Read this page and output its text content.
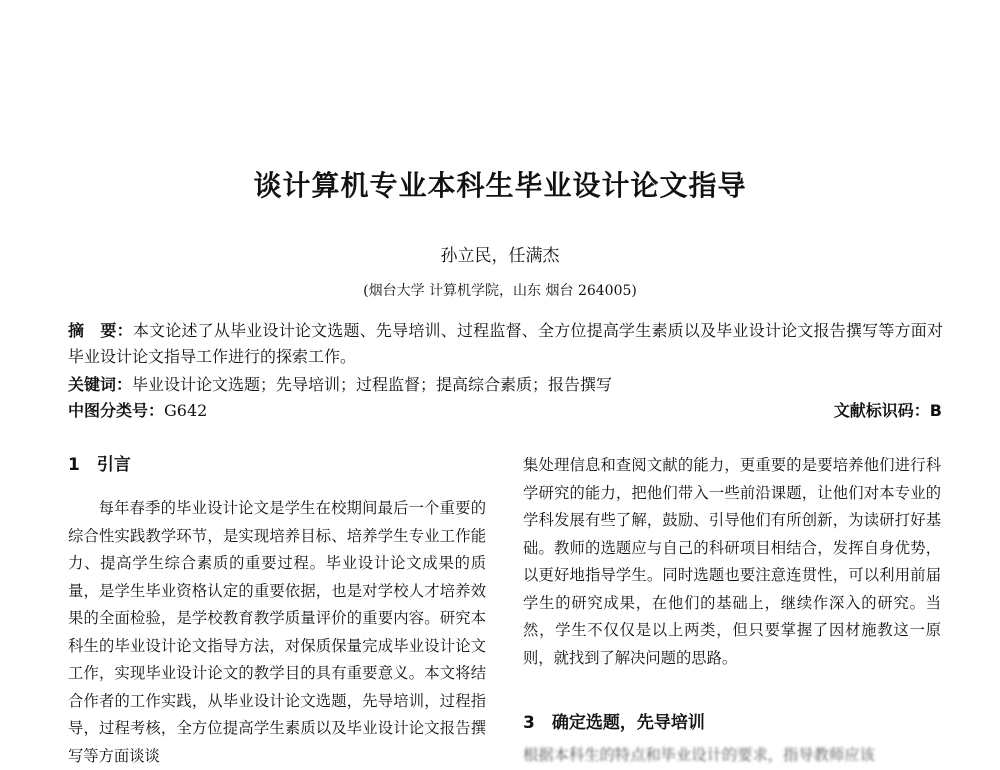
谈计算机专业本科生毕业设计论文指导
孙立民，任满杰
(烟台大学 计算机学院，山东 烟台 264005)
摘　要：本文论述了从毕业设计论文选题、先导培训、过程监督、全方位提高学生素质以及毕业设计论文报告撰写等方面对毕业设计论文指导工作进行的探索工作。
关键词：毕业设计论文选题；先导培训；过程监督；提高综合素质；报告撰写
中图分类号：G642	文献标识码：B
1　引言

每年春季的毕业设计论文是学生在校期间最后一个重要的综合性实践教学环节，是实现培养目标、培养学生专业工作能力、提高学生综合素质的重要过程。毕业设计论文成果的质量，是学生毕业资格认定的重要依据，也是对学校人才培养效果的全面检验，是学校教育教学质量评价的重要内容。研究本科生的毕业设计论文指导方法，对保质保量完成毕业设计论文工作，实现毕业设计论文的教学目的具有重要意义。本文将结合作者的工作实践，从毕业设计论文选题，先导培训，过程指导，过程考核，全方位提高学生素质以及毕业设计论文报告撰写等方面谈谈

集处理信息和查阅文献的能力，更重要的是要培养他们进行科学研究的能力，把他们带入一些前沿课题，让他们对本专业的学科发展有些了解，鼓励、引导他们有所创新，为读研打好基础。教师的选题应与自己的科研项目相结合，发挥自身优势，以更好地指导学生。同时选题也要注意连贯性，可以利用前届学生的研究成果，在他们的基础上，继续作深入的研究。当然，学生不仅仅是以上两类，但只要掌握了因材施教这一原则，就找到了解决问题的思路。

3　确定选题，先导培训
根据本科生的特点和毕业设计的要求，指导教师应该
